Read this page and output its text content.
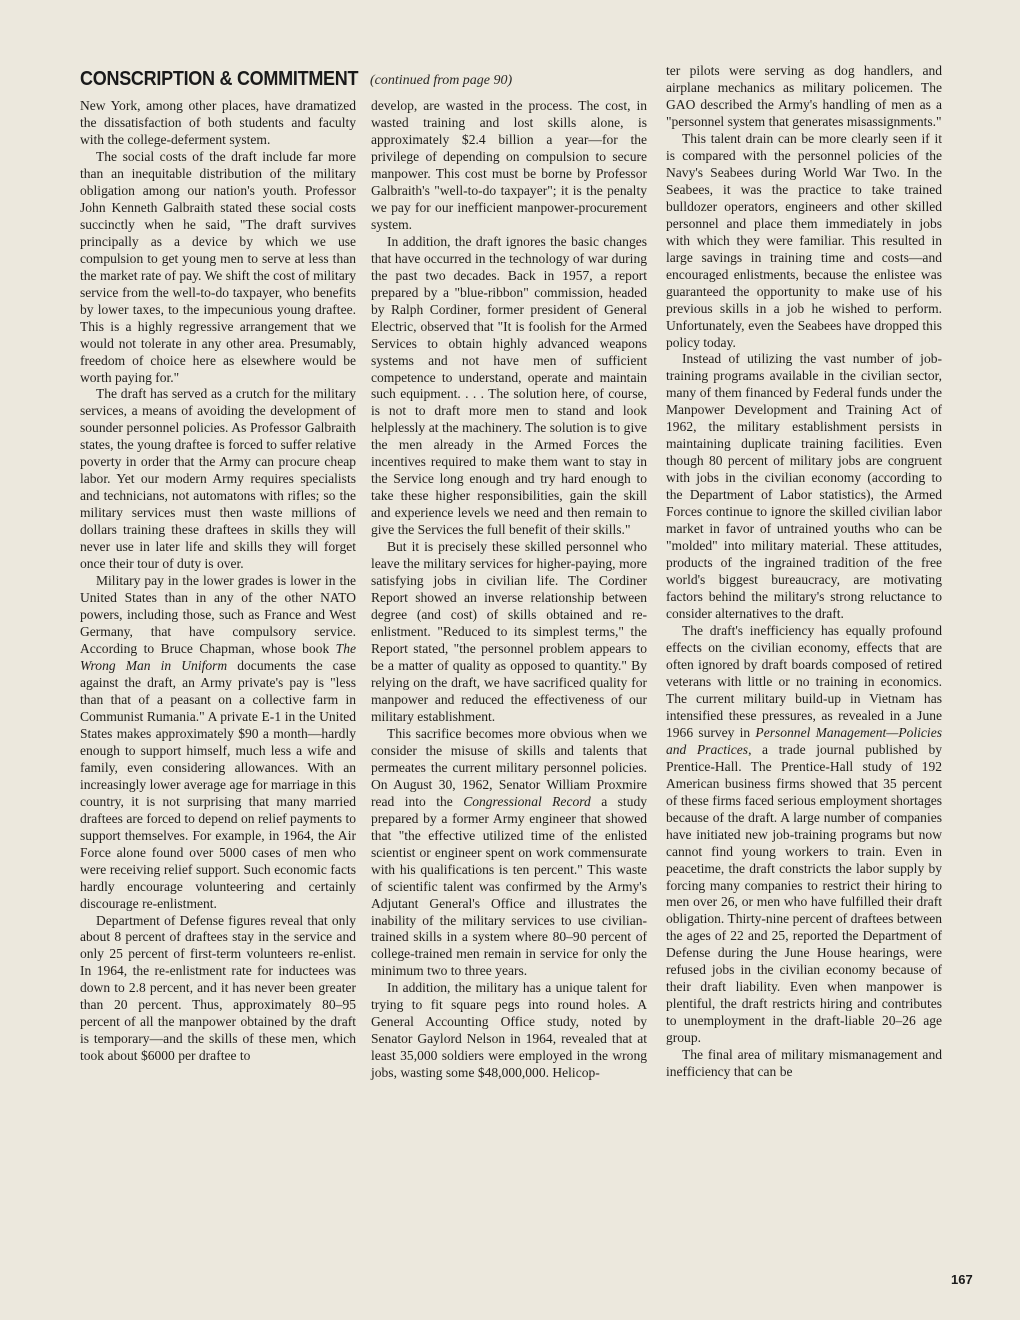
CONSCRIPTION & COMMITMENT (continued from page 90)

New York, among other places, have dramatized the dissatisfaction of both students and faculty with the college-deferment system.

The social costs of the draft include far more than an inequitable distribution of the military obligation among our nation's youth. Professor John Kenneth Galbraith stated these social costs succinctly when he said, "The draft survives principally as a device by which we use compulsion to get young men to serve at less than the market rate of pay. We shift the cost of military service from the well-to-do taxpayer, who benefits by lower taxes, to the impecunious young draftee. This is a highly regressive arrangement that we would not tolerate in any other area. Presumably, freedom of choice here as elsewhere would be worth paying for."

The draft has served as a crutch for the military services, a means of avoiding the development of sounder personnel policies. As Professor Galbraith states, the young draftee is forced to suffer relative poverty in order that the Army can procure cheap labor. Yet our modern Army requires specialists and technicians, not automatons with rifles; so the military services must then waste millions of dollars training these draftees in skills they will never use in later life and skills they will forget once their tour of duty is over.

Military pay in the lower grades is lower in the United States than in any of the other NATO powers, including those, such as France and West Germany, that have compulsory service. According to Bruce Chapman, whose book The Wrong Man in Uniform documents the case against the draft, an Army private's pay is "less than that of a peasant on a collective farm in Communist Rumania." A private E-1 in the United States makes approximately $90 a month—hardly enough to support himself, much less a wife and family, even considering allowances. With an increasingly lower average age for marriage in this country, it is not surprising that many married draftees are forced to depend on relief payments to support themselves. For example, in 1964, the Air Force alone found over 5000 cases of men who were receiving relief support. Such economic facts hardly encourage volunteering and certainly discourage re-enlistment.

Department of Defense figures reveal that only about 8 percent of draftees stay in the service and only 25 percent of first-term volunteers re-enlist. In 1964, the re-enlistment rate for inductees was down to 2.8 percent, and it has never been greater than 20 percent. Thus, approximately 80–95 percent of all the manpower obtained by the draft is temporary—and the skills of these men, which took about $6000 per draftee to

develop, are wasted in the process. The cost, in wasted training and lost skills alone, is approximately $2.4 billion a year—for the privilege of depending on compulsion to secure manpower. This cost must be borne by Professor Galbraith's "well-to-do taxpayer"; it is the penalty we pay for our inefficient manpower-procurement system.

In addition, the draft ignores the basic changes that have occurred in the technology of war during the past two decades. Back in 1957, a report prepared by a "blue-ribbon" commission, headed by Ralph Cordiner, former president of General Electric, observed that "It is foolish for the Armed Services to obtain highly advanced weapons systems and not have men of sufficient competence to understand, operate and maintain such equipment. . . . The solution here, of course, is not to draft more men to stand and look helplessly at the machinery. The solution is to give the men already in the Armed Forces the incentives required to make them want to stay in the Service long enough and try hard enough to take these higher responsibilities, gain the skill and experience levels we need and then remain to give the Services the full benefit of their skills."

But it is precisely these skilled personnel who leave the military services for higher-paying, more satisfying jobs in civilian life. The Cordiner Report showed an inverse relationship between degree (and cost) of skills obtained and re-enlistment. "Reduced to its simplest terms," the Report stated, "the personnel problem appears to be a matter of quality as opposed to quantity." By relying on the draft, we have sacrificed quality for manpower and reduced the effectiveness of our military establishment.

This sacrifice becomes more obvious when we consider the misuse of skills and talents that permeates the current military personnel policies. On August 30, 1962, Senator William Proxmire read into the Congressional Record a study prepared by a former Army engineer that showed that "the effective utilized time of the enlisted scientist or engineer spent on work commensurate with his qualifications is ten percent." This waste of scientific talent was confirmed by the Army's Adjutant General's Office and illustrates the inability of the military services to use civilian-trained skills in a system where 80–90 percent of college-trained men remain in service for only the minimum two to three years.

In addition, the military has a unique talent for trying to fit square pegs into round holes. A General Accounting Office study, noted by Senator Gaylord Nelson in 1964, revealed that at least 35,000 soldiers were employed in the wrong jobs, wasting some $48,000,000. Helicop-

ter pilots were serving as dog handlers, and airplane mechanics as military policemen. The GAO described the Army's handling of men as a "personnel system that generates misassignments."

This talent drain can be more clearly seen if it is compared with the personnel policies of the Navy's Seabees during World War Two. In the Seabees, it was the practice to take trained bulldozer operators, engineers and other skilled personnel and place them immediately in jobs with which they were familiar. This resulted in large savings in training time and costs—and encouraged enlistments, because the enlistee was guaranteed the opportunity to make use of his previous skills in a job he wished to perform. Unfortunately, even the Seabees have dropped this policy today.

Instead of utilizing the vast number of job-training programs available in the civilian sector, many of them financed by Federal funds under the Manpower Development and Training Act of 1962, the military establishment persists in maintaining duplicate training facilities. Even though 80 percent of military jobs are congruent with jobs in the civilian economy (according to the Department of Labor statistics), the Armed Forces continue to ignore the skilled civilian labor market in favor of untrained youths who can be "molded" into military material. These attitudes, products of the ingrained tradition of the free world's biggest bureaucracy, are motivating factors behind the military's strong reluctance to consider alternatives to the draft.

The draft's inefficiency has equally profound effects on the civilian economy, effects that are often ignored by draft boards composed of retired veterans with little or no training in economics. The current military build-up in Vietnam has intensified these pressures, as revealed in a June 1966 survey in Personnel Management—Policies and Practices, a trade journal published by Prentice-Hall. The Prentice-Hall study of 192 American business firms showed that 35 percent of these firms faced serious employment shortages because of the draft. A large number of companies have initiated new job-training programs but now cannot find young workers to train. Even in peacetime, the draft constricts the labor supply by forcing many companies to restrict their hiring to men over 26, or men who have fulfilled their draft obligation. Thirty-nine percent of draftees between the ages of 22 and 25, reported the Department of Defense during the June House hearings, were refused jobs in the civilian economy because of their draft liability. Even when manpower is plentiful, the draft restricts hiring and contributes to unemployment in the draft-liable 20–26 age group.

The final area of military mismanagement and inefficiency that can be

167
